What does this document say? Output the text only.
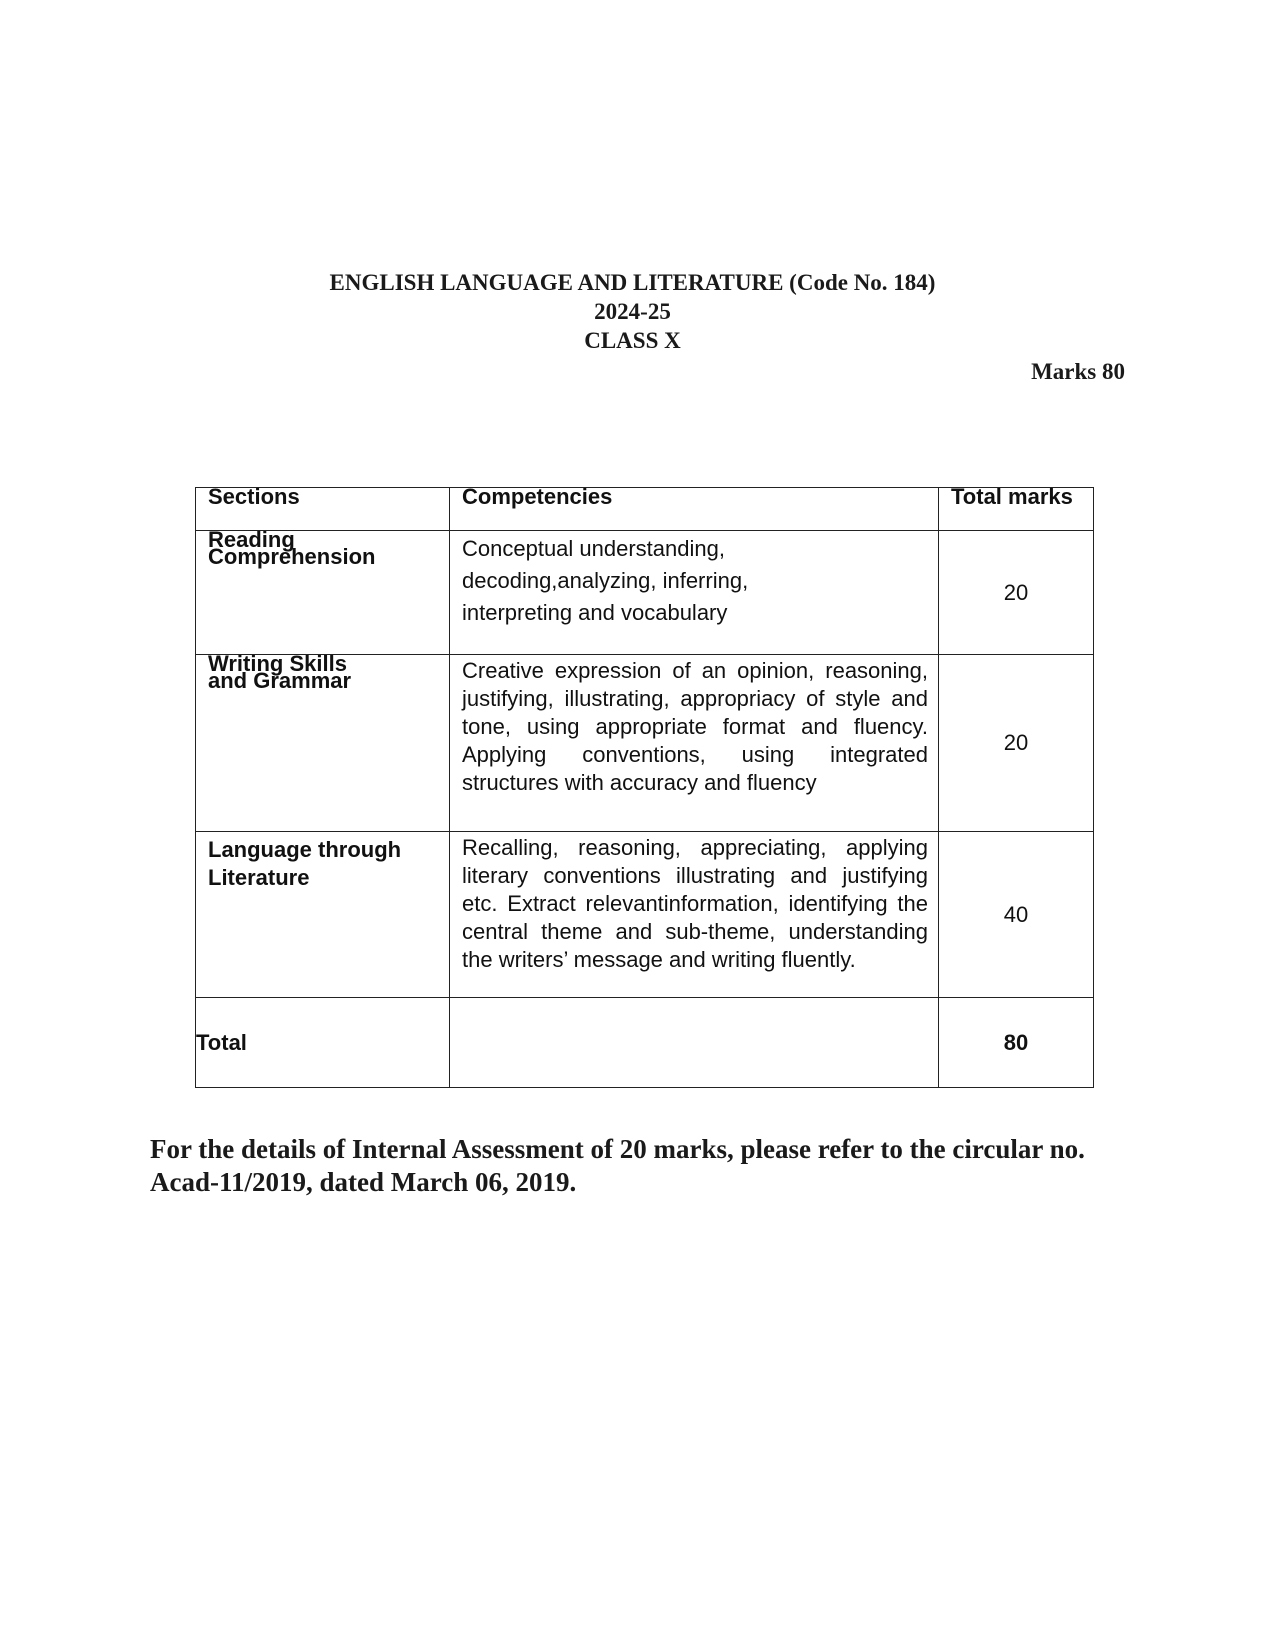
ENGLISH LANGUAGE AND LITERATURE (Code No. 184)
2024-25
CLASS X
Marks 80
Sections	Competencies	Total marks

Reading Comprehension	Conceptual understanding, decoding,analyzing, inferring, interpreting and vocabulary	20

Writing Skills and Grammar	Creative expression of an opinion, reasoning, justifying, illustrating, appropriacy of style and tone, using appropriate format and fluency. Applying conventions, using integrated structures with accuracy and fluency	20

Language through Literature	Recalling, reasoning, appreciating, applying literary conventions illustrating and justifying etc. Extract relevantinformation, identifying the central theme and sub-theme, understanding the writers’ message and writing fluently.	40
Total		80
For the details of Internal Assessment of 20 marks, please refer to the circular no. Acad-11/2019, dated March 06, 2019.
